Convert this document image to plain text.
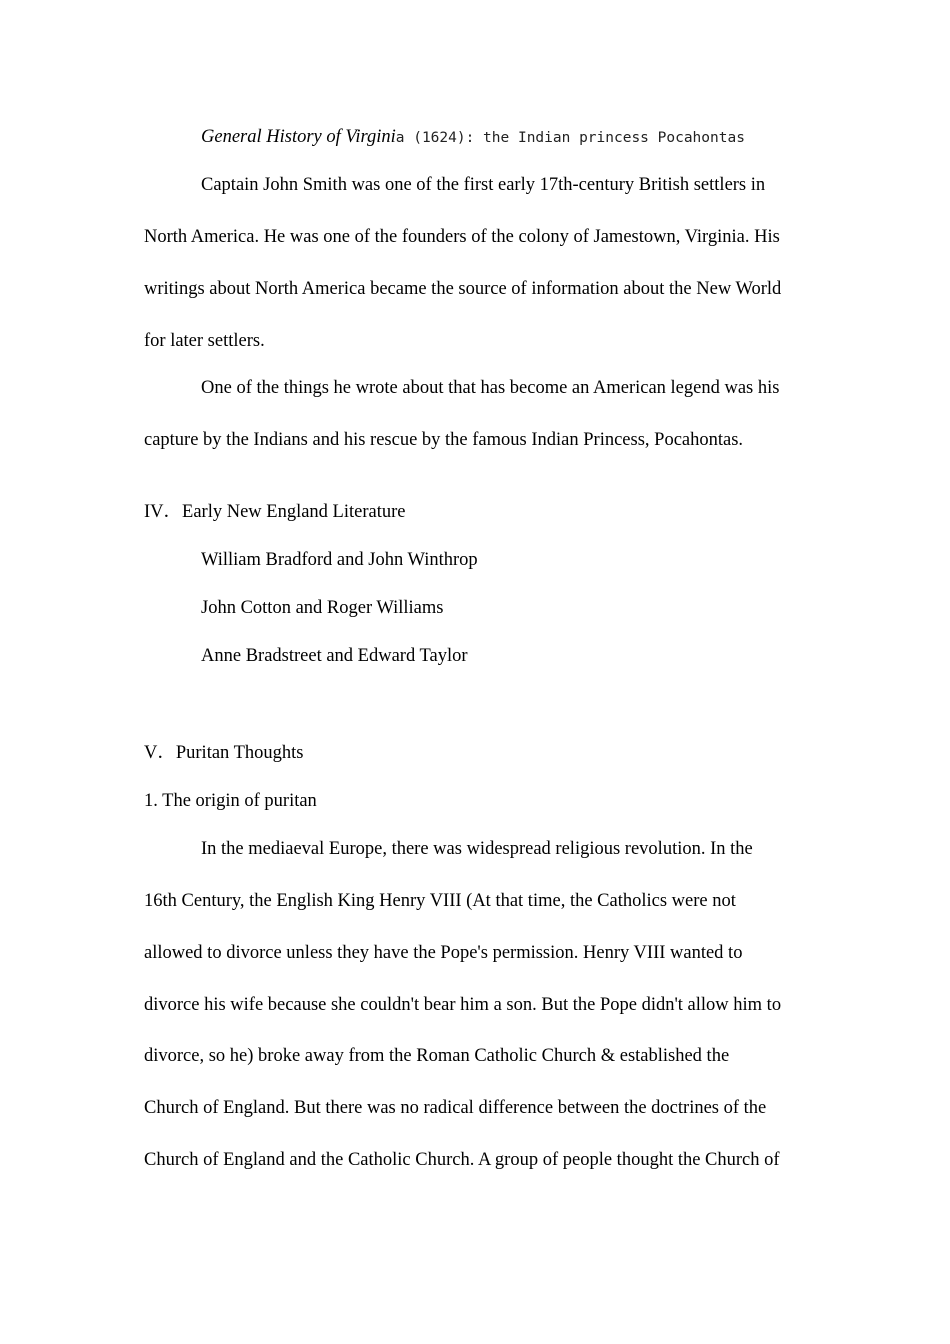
General History of Virginia (1624): the Indian princess Pocahontas
Captain John Smith was one of the first early 17th-century British settlers in
North America. He was one of the founders of the colony of Jamestown, Virginia. His
writings about North America became the source of information about the New World
for later settlers.
One of the things he wrote about that has become an American legend was his
capture by the Indians and his rescue by the famous Indian Princess, Pocahontas.
IV．Early New England Literature
William Bradford and John Winthrop
John Cotton and Roger Williams
Anne Bradstreet and Edward Taylor
V．Puritan Thoughts
1. The origin of puritan
In the mediaeval Europe, there was widespread religious revolution. In the
16th Century, the English King Henry VIII (At that time, the Catholics were not
allowed to divorce unless they have the Pope's permission. Henry VIII wanted to
divorce his wife because she couldn't bear him a son. But the Pope didn't allow him to
divorce, so he) broke away from the Roman Catholic Church & established the
Church of England. But there was no radical difference between the doctrines of the
Church of England and the Catholic Church. A group of people thought the Church of
